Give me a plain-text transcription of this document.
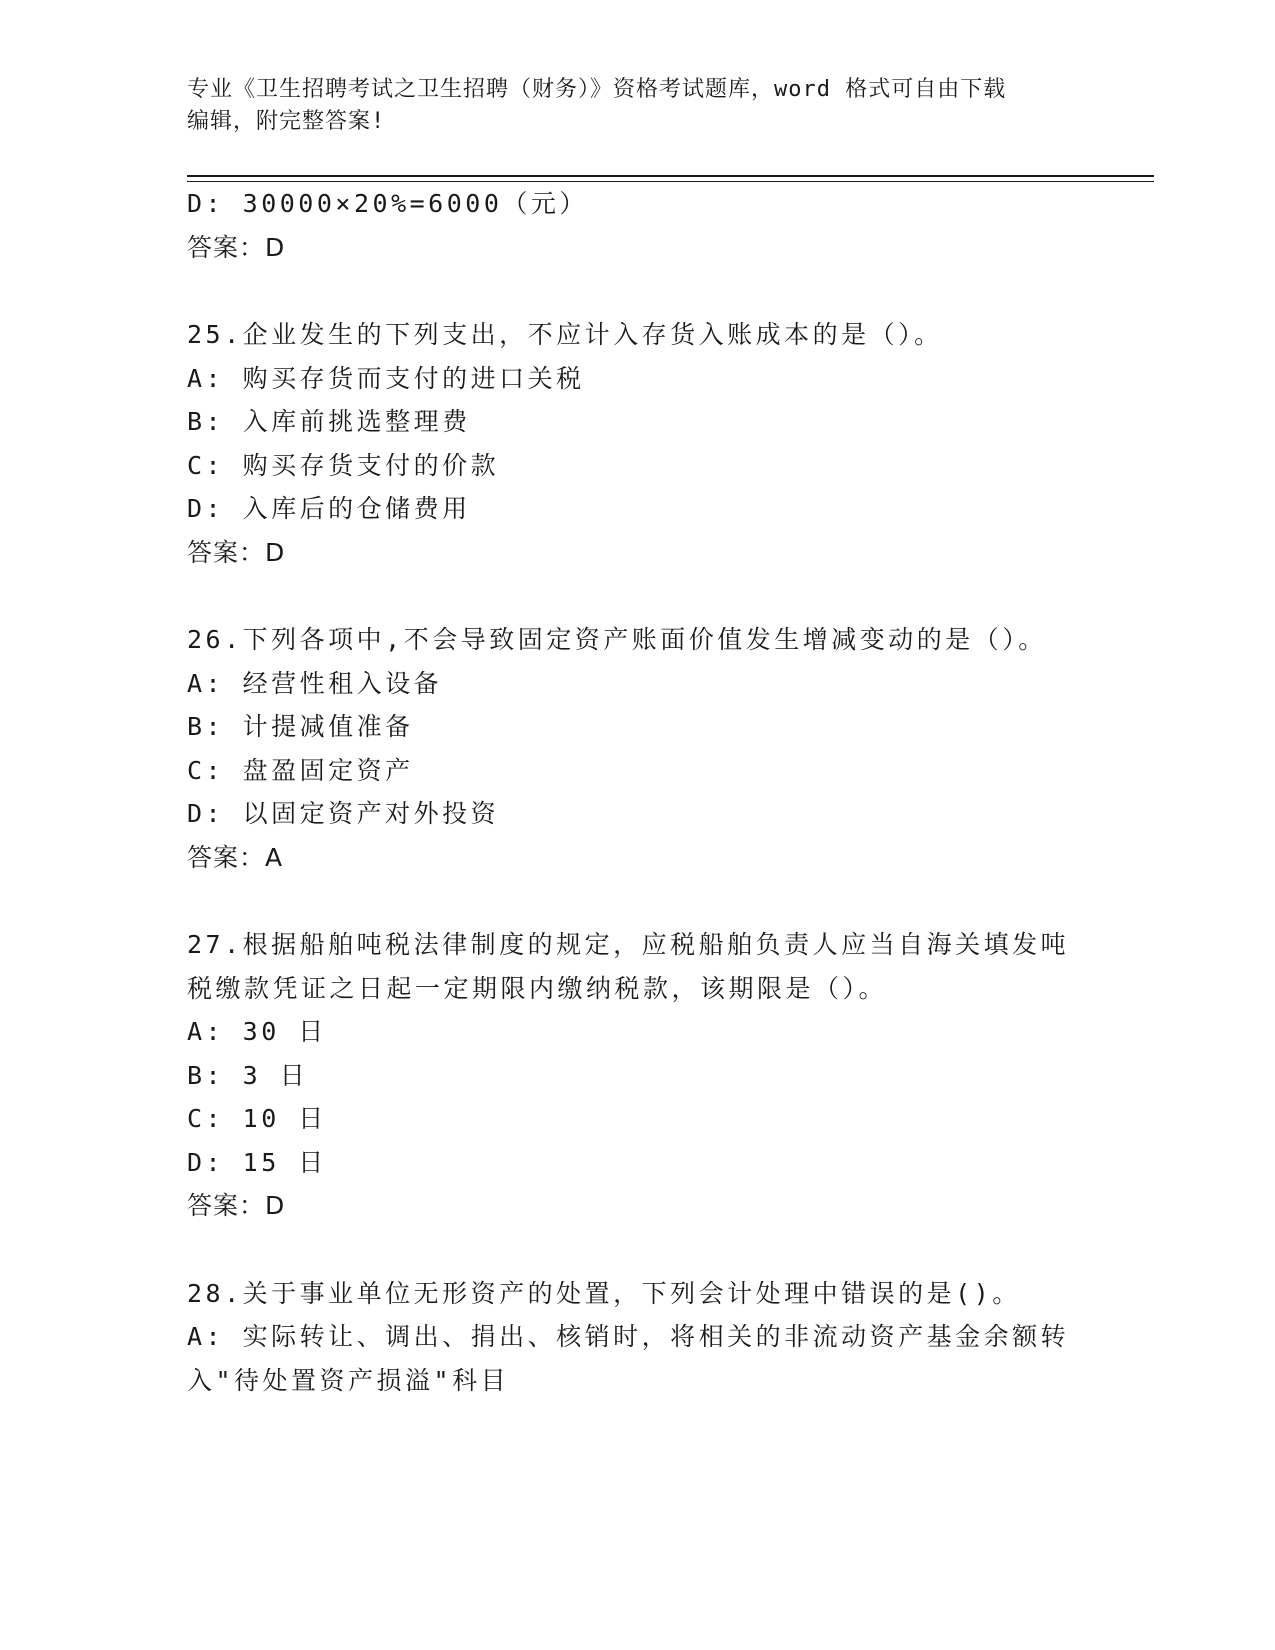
专业《卫生招聘考试之卫生招聘（财务）》资格考试题库，word 格式可自由下载
编辑，附完整答案!
D: 30000×20%=6000（元）
答案：D
25.企业发生的下列支出，不应计入存货入账成本的是（）。
A: 购买存货而支付的进口关税
B: 入库前挑选整理费
C: 购买存货支付的价款
D: 入库后的仓储费用
答案：D
26.下列各项中,不会导致固定资产账面价值发生增减变动的是（）。
A: 经营性租入设备
B: 计提减值准备
C: 盘盈固定资产
D: 以固定资产对外投资
答案：A
27.根据船舶吨税法律制度的规定，应税船舶负责人应当自海关填发吨
税缴款凭证之日起一定期限内缴纳税款，该期限是（）。
A: 30 日
B: 3 日
C: 10 日
D: 15 日
答案：D
28.关于事业单位无形资产的处置，下列会计处理中错误的是()。
A: 实际转让、调出、捐出、核销时，将相关的非流动资产基金余额转
入"待处置资产损溢"科目
